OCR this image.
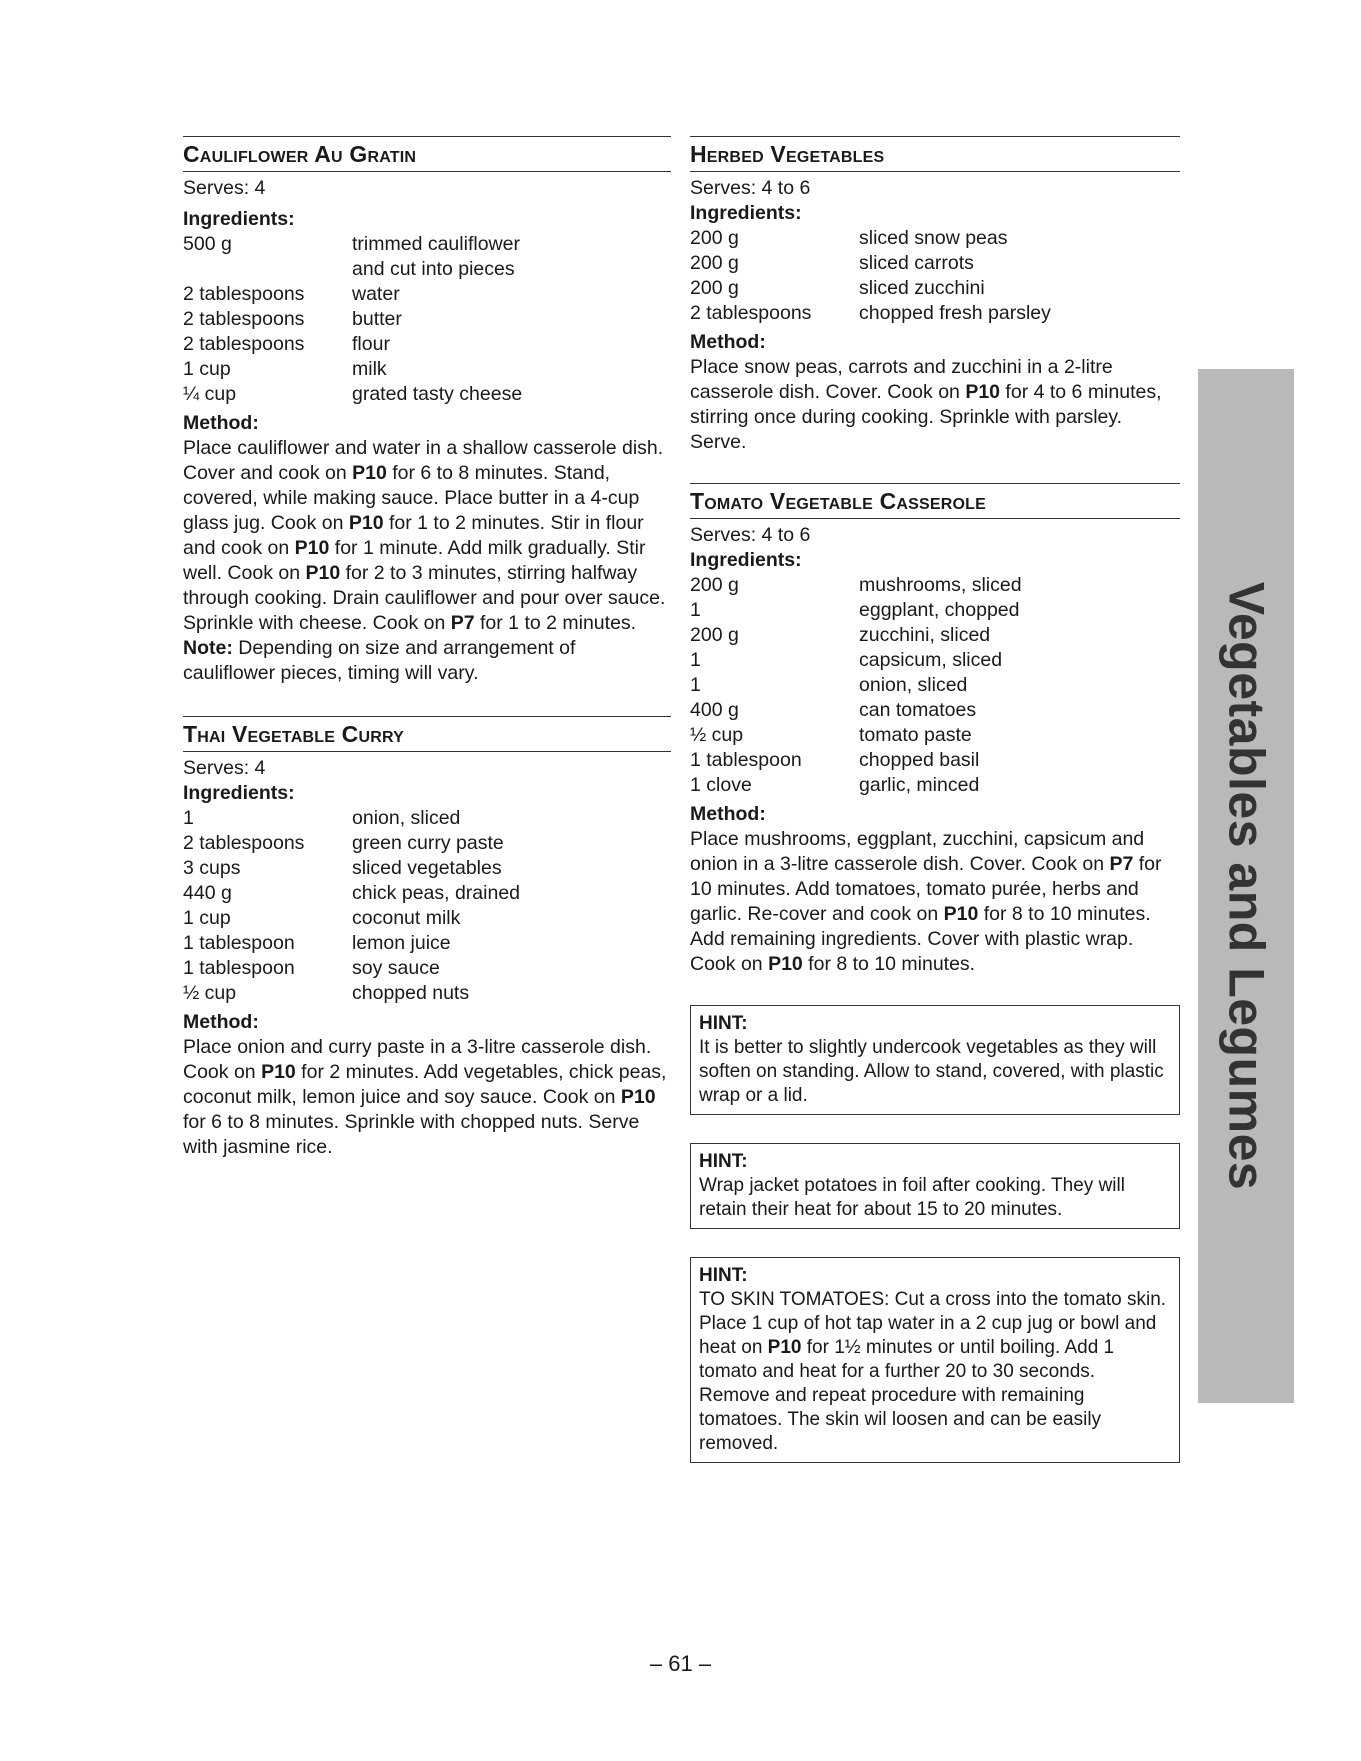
Cauliflower Au Gratin

Serves: 4

Ingredients:

500 g	trimmed cauliflower
	and cut into pieces
2 tablespoons	water
2 tablespoons	butter
2 tablespoons	flour
1 cup	milk
¼ cup	grated tasty cheese

Method:

Place cauliflower and water in a shallow casserole dish. Cover and cook on P10 for 6 to 8 minutes. Stand, covered, while making sauce. Place butter in a 4-cup glass jug. Cook on P10 for 1 to 2 minutes. Stir in flour and cook on P10 for 1 minute. Add milk gradually. Stir well. Cook on P10 for 2 to 3 minutes, stirring halfway through cooking. Drain cauliflower and pour over sauce. Sprinkle with cheese. Cook on P7 for 1 to 2 minutes.

Note: Depending on size and arrangement of cauliflower pieces, timing will vary.

Thai Vegetable Curry

Serves: 4

Ingredients:

1	onion, sliced
2 tablespoons	green curry paste
3 cups	sliced vegetables
440 g	chick peas, drained
1 cup	coconut milk
1 tablespoon	lemon juice
1 tablespoon	soy sauce
½ cup	chopped nuts

Method:

Place onion and curry paste in a 3-litre casserole dish. Cook on P10 for 2 minutes. Add vegetables, chick peas, coconut milk, lemon juice and soy sauce. Cook on P10 for 6 to 8 minutes. Sprinkle with chopped nuts. Serve with jasmine rice.

Herbed Vegetables

Serves: 4 to 6

Ingredients:

200 g	sliced snow peas
200 g	sliced carrots
200 g	sliced zucchini
2 tablespoons	chopped fresh parsley

Method:

Place snow peas, carrots and zucchini in a 2-litre casserole dish. Cover. Cook on P10 for 4 to 6 minutes, stirring once during cooking. Sprinkle with parsley. Serve.

Tomato Vegetable Casserole

Serves: 4 to 6

Ingredients:

200 g	mushrooms, sliced
1	eggplant, chopped
200 g	zucchini, sliced
1	capsicum, sliced
1	onion, sliced
400 g	can tomatoes
½ cup	tomato paste
1 tablespoon	chopped basil
1 clove	garlic, minced

Method:

Place mushrooms, eggplant, zucchini, capsicum and onion in a 3-litre casserole dish. Cover. Cook on P7 for 10 minutes. Add tomatoes, tomato purée, herbs and garlic. Re-cover and cook on P10 for 8 to 10 minutes.

Add remaining ingredients. Cover with plastic wrap. Cook on P10 for 8 to 10 minutes.

HINT:
It is better to slightly undercook vegetables as they will soften on standing. Allow to stand, covered, with plastic wrap or a lid.
HINT:
Wrap jacket potatoes in foil after cooking. They will retain their heat for about 15 to 20 minutes.
HINT:
TO SKIN TOMATOES: Cut a cross into the tomato skin. Place 1 cup of hot tap water in a 2 cup jug or bowl and heat on P10 for 1½ minutes or until boiling. Add 1 tomato and heat for a further 20 to 30 seconds. Remove and repeat procedure with remaining tomatoes. The skin wil loosen and can be easily removed.
Vegetables and Legumes
– 61 –
